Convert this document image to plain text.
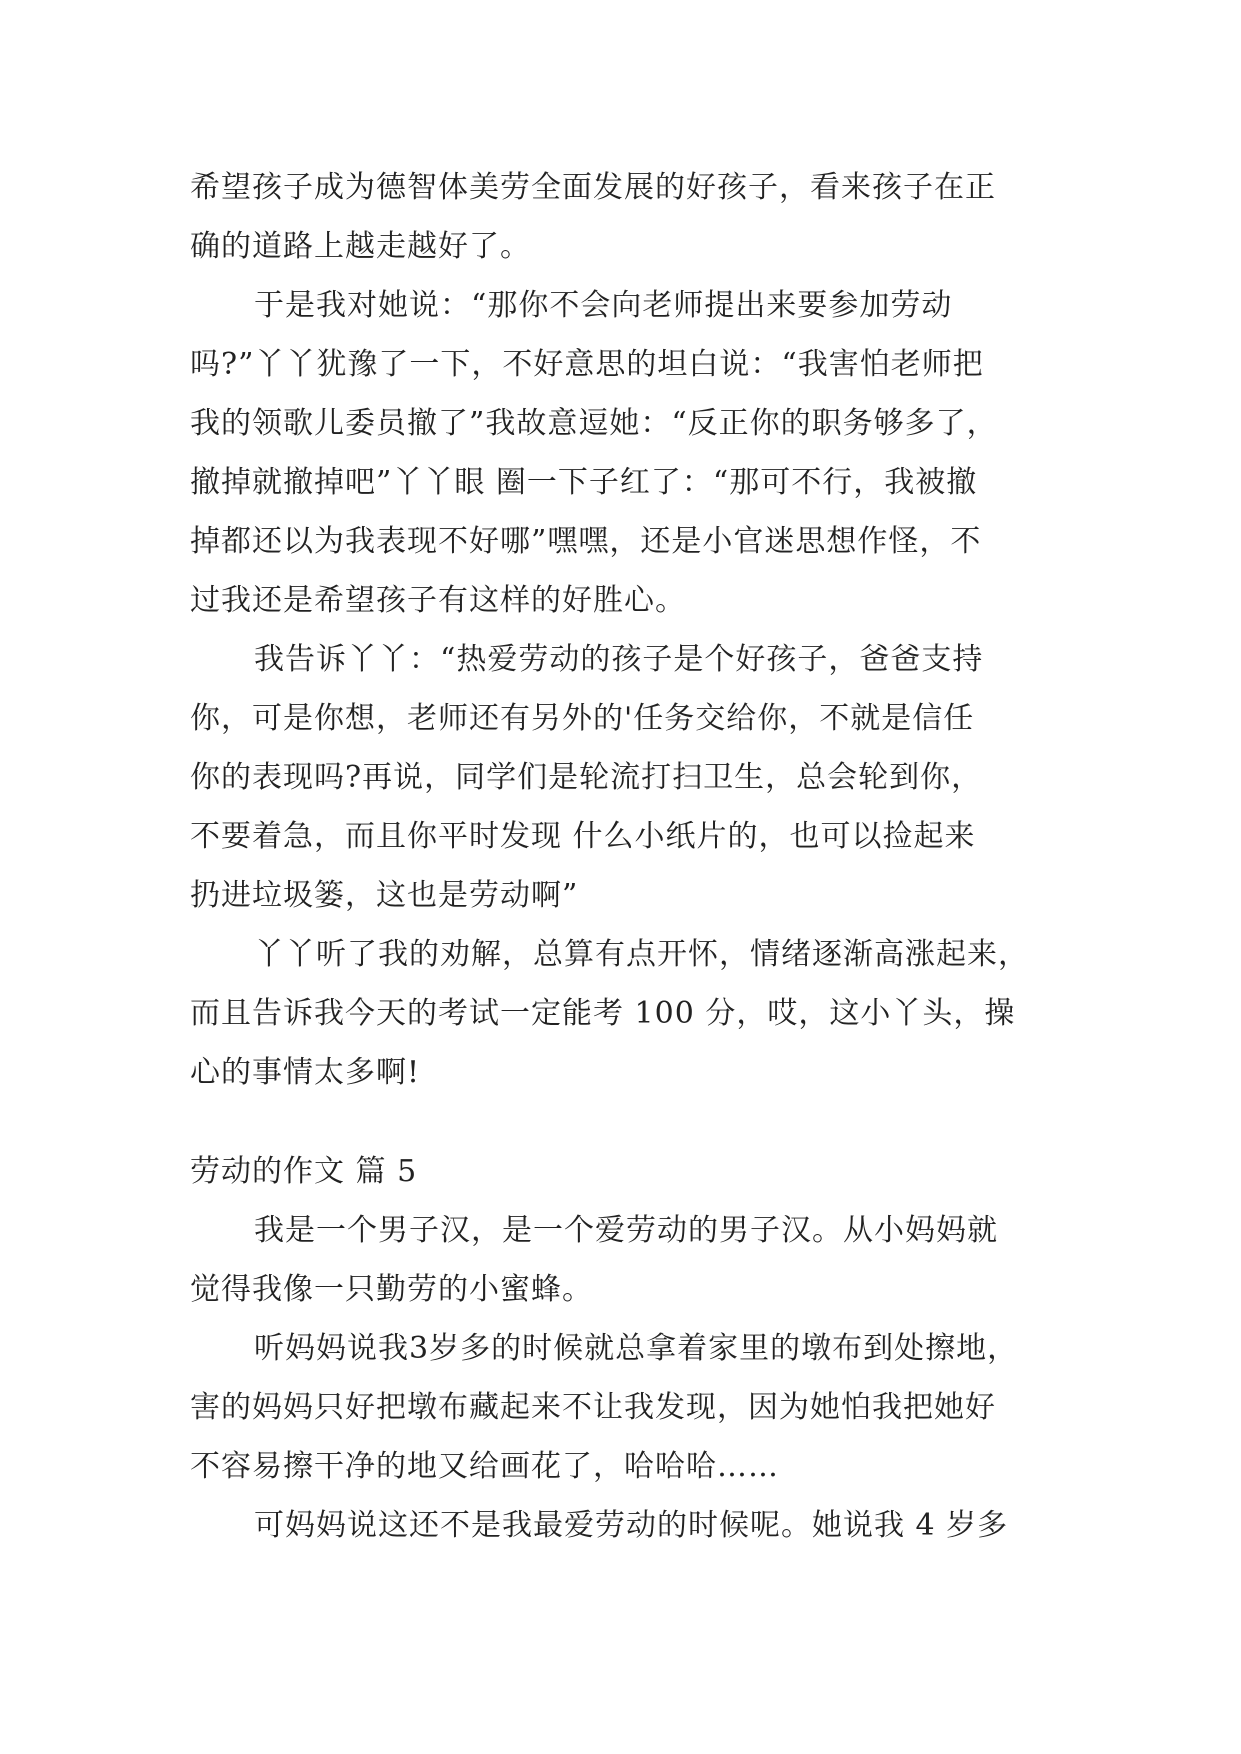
希望孩子成为德智体美劳全面发展的好孩子，看来孩子在正
确的道路上越走越好了。
于是我对她说：“那你不会向老师提出来要参加劳动
吗?”丫丫犹豫了一下，不好意思的坦白说：“我害怕老师把
我的领歌儿委员撤了”我故意逗她：“反正你的职务够多了，
撤掉就撤掉吧”丫丫眼 圈一下子红了：“那可不行，我被撤
掉都还以为我表现不好哪”嘿嘿，还是小官迷思想作怪，不
过我还是希望孩子有这样的好胜心。
我告诉丫丫：“热爱劳动的孩子是个好孩子，爸爸支持
你，可是你想，老师还有另外的'任务交给你，不就是信任
你的表现吗?再说，同学们是轮流打扫卫生，总会轮到你，
不要着急，而且你平时发现 什么小纸片的，也可以捡起来
扔进垃圾篓，这也是劳动啊”
丫丫听了我的劝解，总算有点开怀，情绪逐渐高涨起来，
而且告诉我今天的考试一定能考 100 分，哎，这小丫头，操
心的事情太多啊!
劳动的作文 篇 5
我是一个男子汉，是一个爱劳动的男子汉。从小妈妈就
觉得我像一只勤劳的小蜜蜂。
听妈妈说我3岁多的时候就总拿着家里的墩布到处擦地，
害的妈妈只好把墩布藏起来不让我发现，因为她怕我把她好
不容易擦干净的地又给画花了，哈哈哈……
可妈妈说这还不是我最爱劳动的时候呢。她说我 4 岁多
